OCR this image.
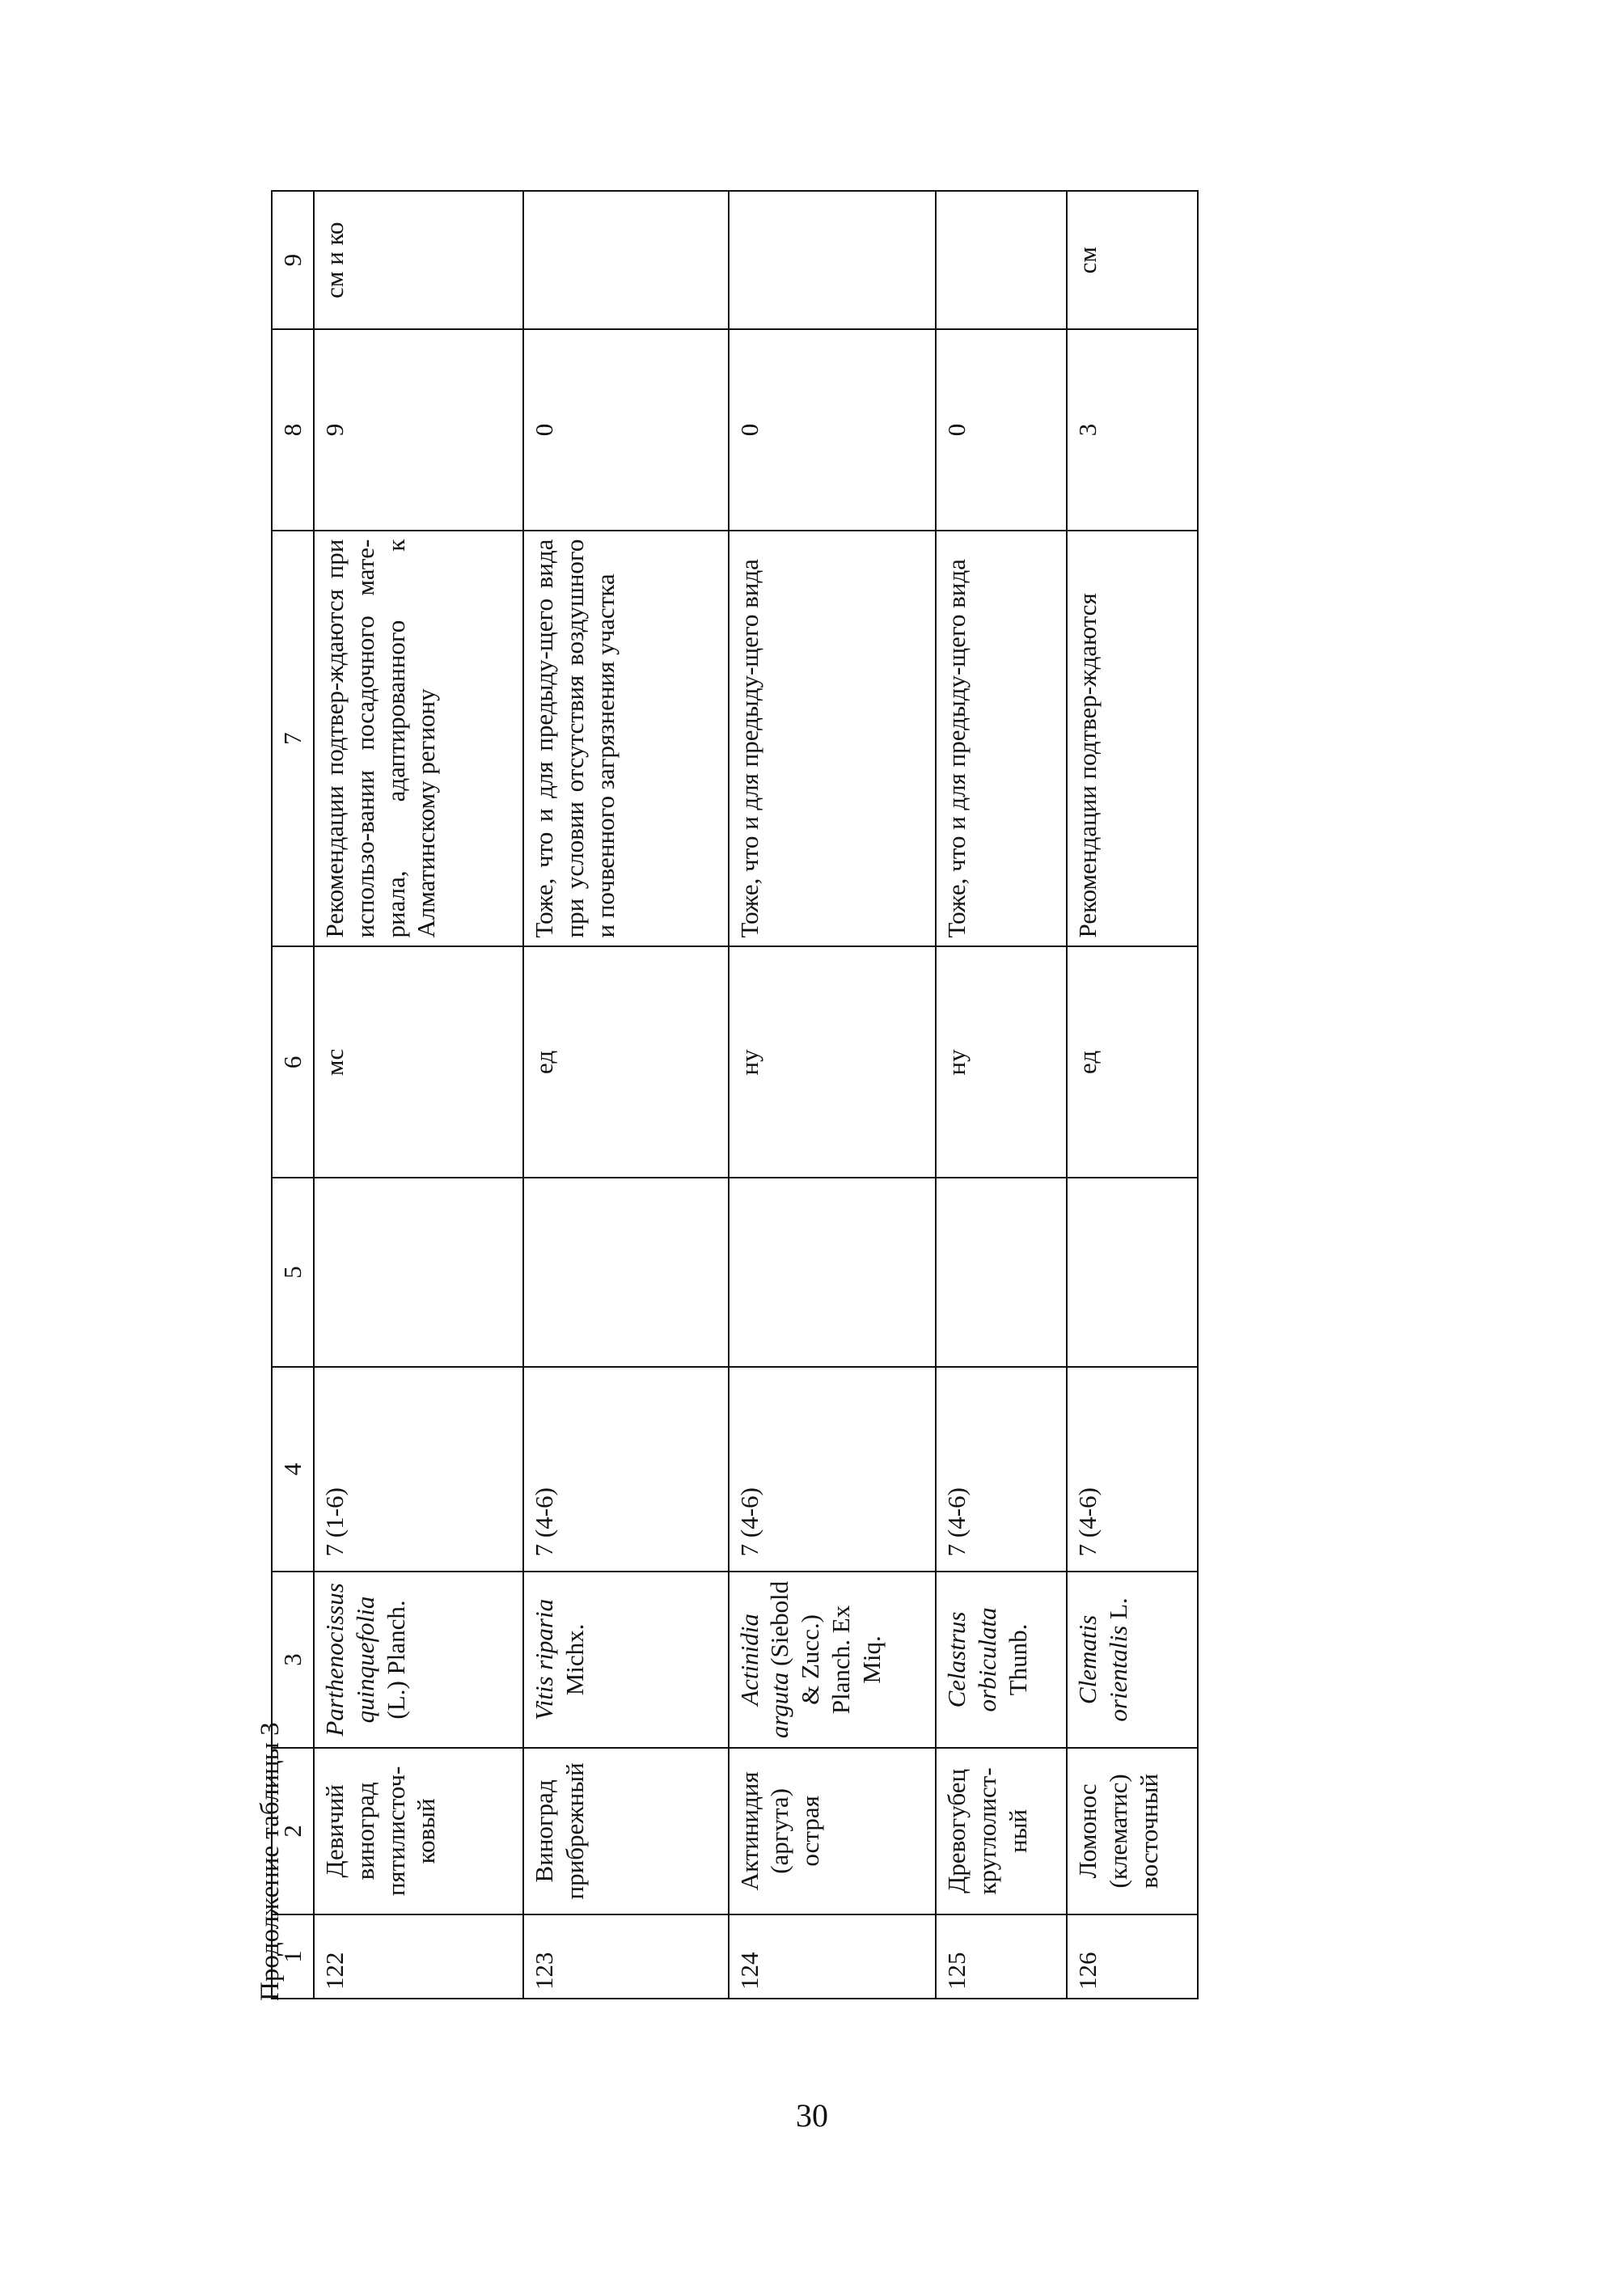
Продолжение таблицы 3
1	2	3	4	5	6	7	8	9
122	Девичий виноград пятилисточ-ковый	Parthenocissus quinquefolia (L.) Planch.	7 (1-6)		мс	Рекомендации подтвер-ждаются при использо-вании посадочного мате-риала, адаптированного к Алматинскому региону	9	см и ко
123	Виноград прибрежный	Vitis riparia Michx.	7 (4-6)		ед	Тоже, что и для предыду-щего вида при условии отсутствия воздушного и почвенного загрязнения участка	0	
124	Актинидия (аргута) острая	Actinidia arguta (Siebold & Zucc.) Planch. Ex Miq.	7 (4-6)		ну	Тоже, что и для предыду-щего вида	0	
125	Древогубец круглолист-ный	Celastrus orbiculata Thunb.	7 (4-6)		ну	Тоже, что и для предыду-щего вида	0	
126	Ломонос (клематис) восточный	Clematis orientalis L.	7 (4-6)		ед	Рекомендации подтвер-ждаются	3	см
30
